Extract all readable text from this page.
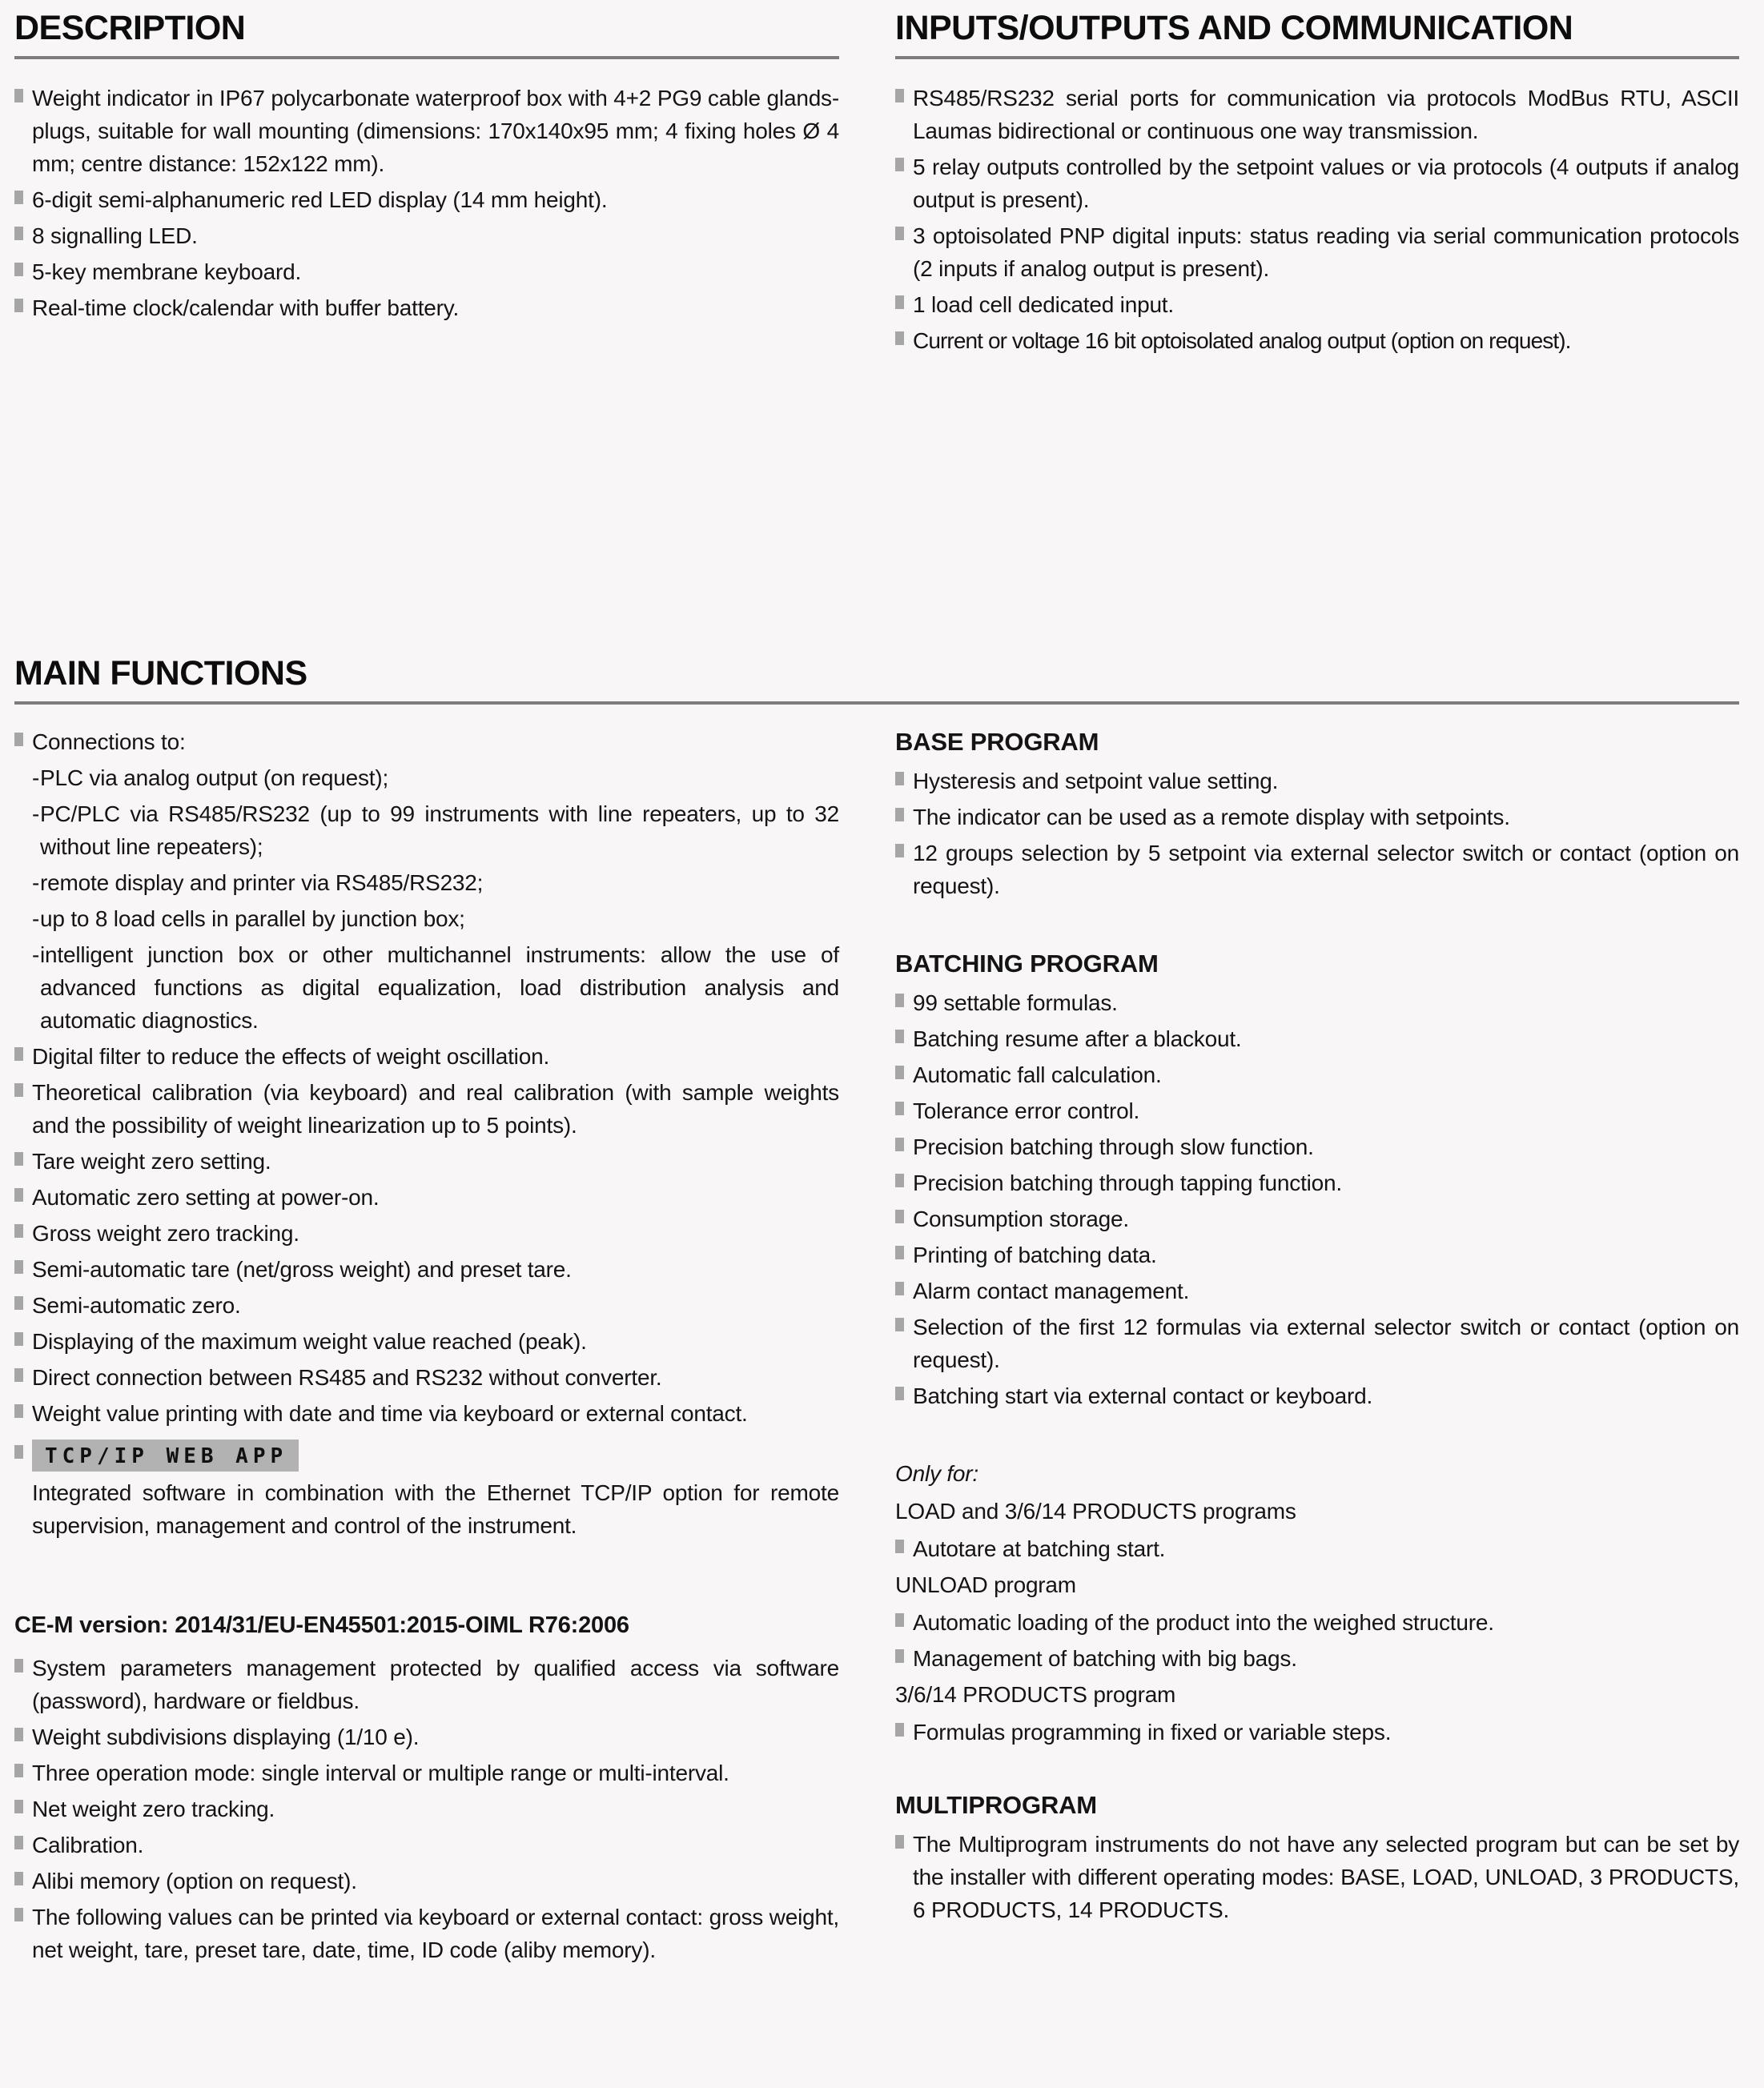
DESCRIPTION
Weight indicator in IP67 polycarbonate waterproof box with 4+2 PG9 cable glands-plugs, suitable for wall mounting (dimensions: 170x140x95 mm; 4 fixing holes Ø 4 mm; centre distance: 152x122 mm).
6-digit semi-alphanumeric red LED display (14 mm height).
8 signalling LED.
5-key membrane keyboard.
Real-time clock/calendar with buffer battery.
INPUTS/OUTPUTS AND COMMUNICATION
RS485/RS232 serial ports for communication via protocols ModBus RTU, ASCII Laumas bidirectional or continuous one way transmission.
5 relay outputs controlled by the setpoint values or via protocols (4 outputs if analog output is present).
3 optoisolated PNP digital inputs: status reading via serial communication protocols (2 inputs if analog output is present).
1 load cell dedicated input.
Current or voltage 16 bit optoisolated analog output (option on request).
MAIN FUNCTIONS
Connections to:
- PLC via analog output (on request);
- PC/PLC via RS485/RS232 (up to 99 instruments with line repeaters, up to 32 without line repeaters);
- remote display and printer via RS485/RS232;
- up to 8 load cells in parallel by junction box;
- intelligent junction box or other multichannel instruments: allow the use of advanced functions as digital equalization, load distribution analysis and automatic diagnostics.
Digital filter to reduce the effects of weight oscillation.
Theoretical calibration (via keyboard) and real calibration (with sample weights and the possibility of weight linearization up to 5 points).
Tare weight zero setting.
Automatic zero setting at power-on.
Gross weight zero tracking.
Semi-automatic tare (net/gross weight) and preset tare.
Semi-automatic zero.
Displaying of the maximum weight value reached (peak).
Direct connection between RS485 and RS232 without converter.
Weight value printing with date and time via keyboard or external contact.
TCP/IP WEB APP

Integrated software in combination with the Ethernet TCP/IP option for remote supervision, management and control of the instrument.

CE-M version: 2014/31/EU-EN45501:2015-OIML R76:2006

System parameters management protected by qualified access via software (password), hardware or fieldbus.
Weight subdivisions displaying (1/10 e).
Three operation mode: single interval or multiple range or multi-interval.
Net weight zero tracking.
Calibration.
Alibi memory (option on request).
The following values can be printed via keyboard or external contact: gross weight, net weight, tare, preset tare, date, time, ID code (aliby memory).
BASE PROGRAM
Hysteresis and setpoint value setting.
The indicator can be used as a remote display with setpoints.
12 groups selection by 5 setpoint via external selector switch or contact (option on request).
BATCHING PROGRAM
99 settable formulas.
Batching resume after a blackout.
Automatic fall calculation.
Tolerance error control.
Precision batching through slow function.
Precision batching through tapping function.
Consumption storage.
Printing of batching data.
Alarm contact management.
Selection of the first 12 formulas via external selector switch or contact (option on request).
Batching start via external contact or keyboard.

Only for:

LOAD and 3/6/14 PRODUCTS programs

Autotare at batching start.

UNLOAD program

Automatic loading of the product into the weighed structure.
Management of batching with big bags.

3/6/14 PRODUCTS program

Formulas programming in fixed or variable steps.
MULTIPROGRAM
The Multiprogram instruments do not have any selected program but can be set by the installer with different operating modes: BASE, LOAD, UNLOAD, 3 PRODUCTS, 6 PRODUCTS, 14 PRODUCTS.
